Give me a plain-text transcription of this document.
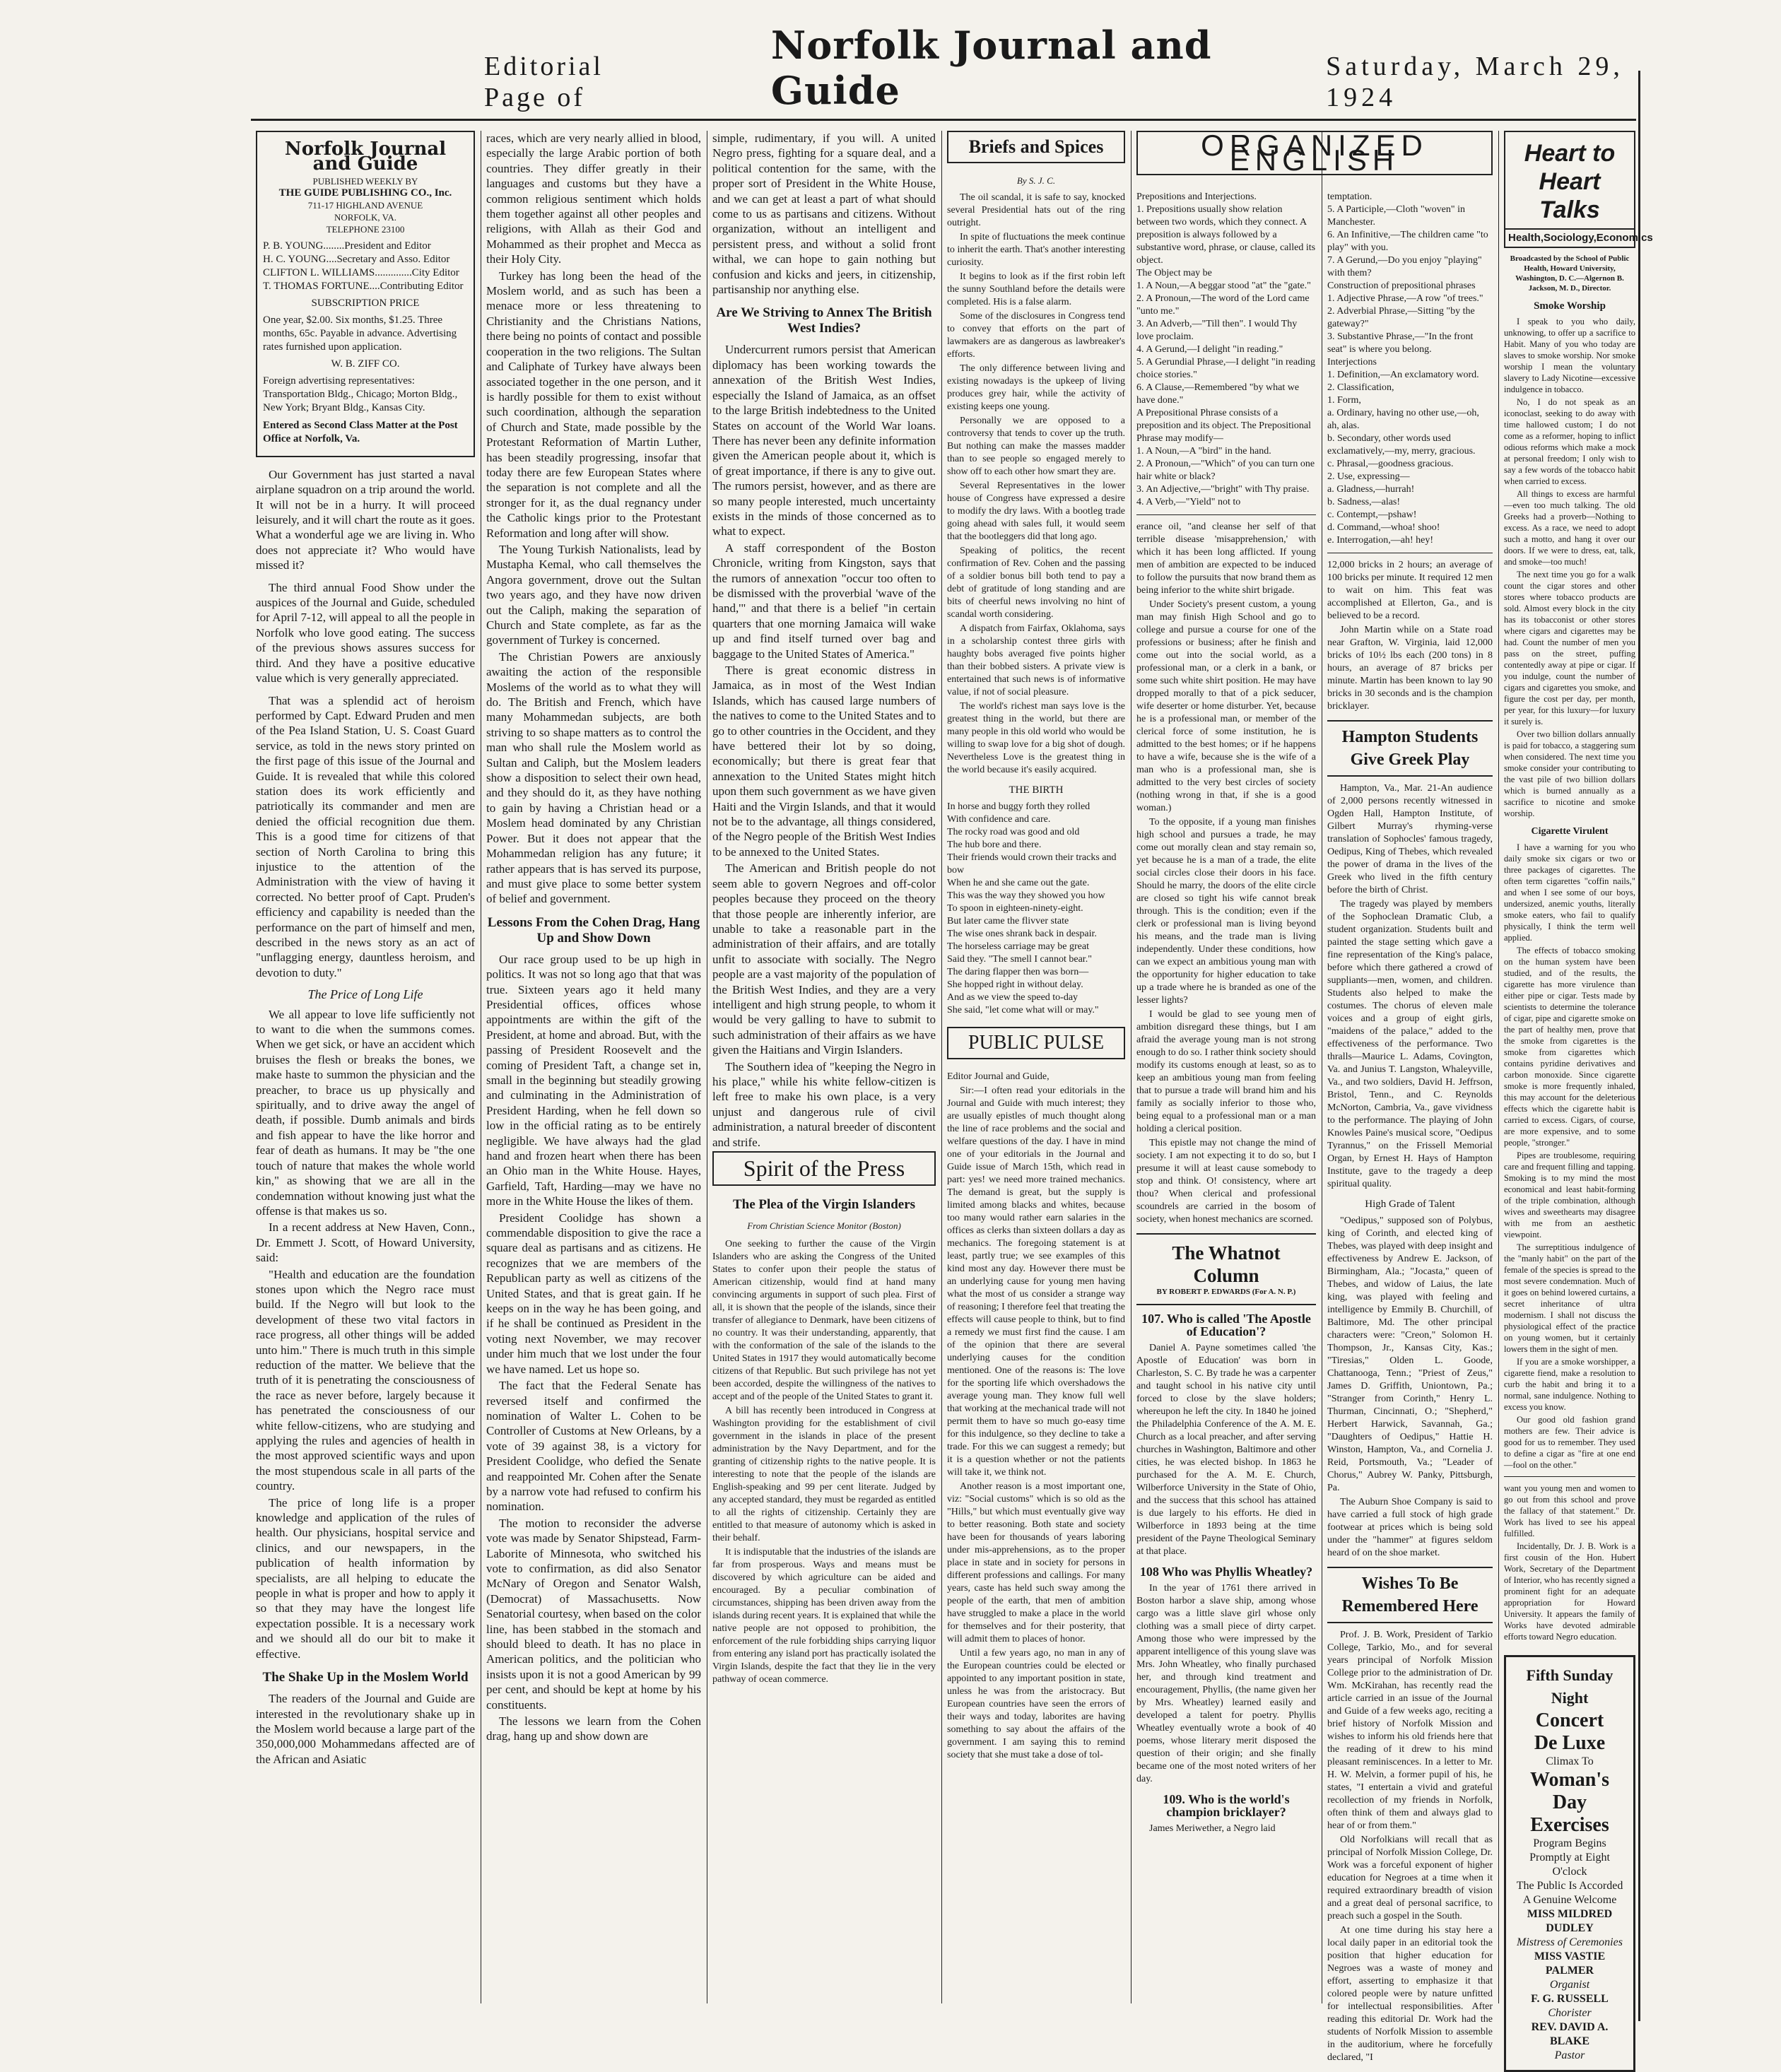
Editorial Page of
Norfolk Journal and Guide
Saturday, March 29, 1924
Norfolk Journal and Guide
PUBLISHED WEEKLY BY
THE GUIDE PUBLISHING CO., Inc.
711-17 HIGHLAND AVENUE
NORFOLK, VA.
TELEPHONE 23100
P. B. YOUNG........President and Editor
H. C. YOUNG....Secretary and Asso. Editor
CLIFTON L. WILLIAMS..............City Editor
T. THOMAS FORTUNE....Contributing Editor
SUBSCRIPTION PRICE
One year, $2.00. Six months, $1.25. Three months, 65c. Payable in advance. Advertising rates furnished upon application.
W. B. ZIFF CO.
Foreign advertising representatives: Transportation Bldg., Chicago; Morton Bldg., New York; Bryant Bldg., Kansas City.
Entered as Second Class Matter at the Post Office at Norfolk, Va.

Our Government has just started a naval airplane squadron on a trip around the world. It will not be in a hurry. It will proceed leisurely, and it will chart the route as it goes. What a wonderful age we are living in. Who does not appreciate it? Who would have missed it?

The third annual Food Show under the auspices of the Journal and Guide, scheduled for April 7-12, will appeal to all the people in Norfolk who love good eating. The success of the previous shows assures success for third. And they have a positive educative value which is very generally appreciated.

That was a splendid act of heroism performed by Capt. Edward Pruden and men of the Pea Island Station, U. S. Coast Guard service, as told in the news story printed on the first page of this issue of the Journal and Guide. It is revealed that while this colored station does its work efficiently and patriotically its commander and men are denied the official recognition due them. This is a good time for citizens of that section of North Carolina to bring this injustice to the attention of the Administration with the view of having it corrected. No better proof of Capt. Pruden's efficiency and capability is needed than the performance on the part of himself and men, described in the news story as an act of "unflagging energy, dauntless heroism, and devotion to duty."

The Price of Long Life

We all appear to love life sufficiently not to want to die when the summons comes. When we get sick, or have an accident which bruises the flesh or breaks the bones, we make haste to summon the physician and the preacher, to brace us up physically and spiritually, and to drive away the angel of death, if possible. Dumb animals and birds and fish appear to have the like horror and fear of death as humans. It may be "the one touch of nature that makes the whole world kin," as showing that we are all in the condemnation without knowing just what the offense is that makes us so.

In a recent address at New Haven, Conn., Dr. Emmett J. Scott, of Howard University, said:

"Health and education are the foundation stones upon which the Negro race must build. If the Negro will but look to the development of these two vital factors in race progress, all other things will be added unto him." There is much truth in this simple reduction of the matter. We believe that the truth of it is penetrating the consciousness of the race as never before, largely because it has penetrated the consciousness of our white fellow-citizens, who are studying and applying the rules and agencies of health in the most approved scientific ways and upon the most stupendous scale in all parts of the country.

The price of long life is a proper knowledge and application of the rules of health. Our physicians, hospital service and clinics, and our newspapers, in the publication of health information by specialists, are all helping to educate the people in what is proper and how to apply it so that they may have the longest life expectation possible. It is a necessary work and we should all do our bit to make it effective.

The Shake Up in the Moslem World

The readers of the Journal and Guide are interested in the revolutionary shake up in the Moslem world because a large part of the 350,000,000 Mohammedans affected are of the African and Asiatic

races, which are very nearly allied in blood, especially the large Arabic portion of both countries. They differ greatly in their languages and customs but they have a common religious sentiment which holds them together against all other peoples and religions, with Allah as their God and Mohammed as their prophet and Mecca as their Holy City.

Turkey has long been the head of the Moslem world, and as such has been a menace more or less threatening to Christianity and the Christians Nations, there being no points of contact and possible cooperation in the two religions. The Sultan and Caliphate of Turkey have always been associated together in the one person, and it is hardly possible for them to exist without such coordination, although the separation of Church and State, made possible by the Protestant Reformation of Martin Luther, has been steadily progressing, insofar that today there are few European States where the separation is not complete and all the stronger for it, as the dual regnancy under the Catholic kings prior to the Protestant Reformation and long after will show.

The Young Turkish Nationalists, lead by Mustapha Kemal, who call themselves the Angora government, drove out the Sultan two years ago, and they have now driven out the Caliph, making the separation of Church and State complete, as far as the government of Turkey is concerned.

The Christian Powers are anxiously awaiting the action of the responsible Moslems of the world as to what they will do. The British and French, which have many Mohammedan subjects, are both striving to so shape matters as to control the man who shall rule the Moslem world as Sultan and Caliph, but the Moslem leaders show a disposition to select their own head, and they should do it, as they have nothing to gain by having a Christian head or a Moslem head dominated by any Christian Power. But it does not appear that the Mohammedan religion has any future; it rather appears that is has served its purpose, and must give place to some better system of belief and government.

Lessons From the Cohen Drag, Hang Up and Show Down

Our race group used to be up high in politics. It was not so long ago that that was true. Sixteen years ago it held many Presidential offices, offices whose appointments are within the gift of the President, at home and abroad. But, with the passing of President Roosevelt and the coming of President Taft, a change set in, small in the beginning but steadily growing and culminating in the Administration of President Harding, when he fell down so low in the official rating as to be entirely negligible. We have always had the glad hand and frozen heart when there has been an Ohio man in the White House. Hayes, Garfield, Taft, Harding—may we have no more in the White House the likes of them.

President Coolidge has shown a commendable disposition to give the race a square deal as partisans and as citizens. He recognizes that we are members of the Republican party as well as citizens of the United States, and that is great gain. If he keeps on in the way he has been going, and if he shall be continued as President in the voting next November, we may recover under him much that we lost under the four we have named. Let us hope so.

The fact that the Federal Senate has reversed itself and confirmed the nomination of Walter L. Cohen to be Controller of Customs at New Orleans, by a vote of 39 against 38, is a victory for President Coolidge, who defied the Senate and reappointed Mr. Cohen after the Senate by a narrow vote had refused to confirm his nomination.

The motion to reconsider the adverse vote was made by Senator Shipstead, Farm-Laborite of Minnesota, who switched his vote to confirmation, as did also Senator McNary of Oregon and Senator Walsh, (Democrat) of Massachusetts. Now Senatorial courtesy, when based on the color line, has been stabbed in the stomach and should bleed to death. It has no place in American politics, and the politician who insists upon it is not a good American by 99 per cent, and should be kept at home by his constituents.

The lessons we learn from the Cohen drag, hang up and show down are

simple, rudimentary, if you will. A united Negro press, fighting for a square deal, and a political contention for the same, with the proper sort of President in the White House, and we can get at least a part of what should come to us as partisans and citizens. Without organization, without an intelligent and persistent press, and without a solid front withal, we can hope to gain nothing but confusion and kicks and jeers, in citizenship, partisanship nor anything else.

Are We Striving to Annex The British West Indies?

Undercurrent rumors persist that American diplomacy has been working towards the annexation of the British West Indies, especially the Island of Jamaica, as an offset to the large British indebtedness to the United States on account of the World War loans. There has never been any definite information given the American people about it, which is of great importance, if there is any to give out. The rumors persist, however, and as there are so many people interested, much uncertainty exists in the minds of those concerned as to what to expect.

A staff correspondent of the Boston Chronicle, writing from Kingston, says that the rumors of annexation "occur too often to be dismissed with the proverbial 'wave of the hand,'" and that there is a belief "in certain quarters that one morning Jamaica will wake up and find itself turned over bag and baggage to the United States of America."

There is great economic distress in Jamaica, as in most of the West Indian Islands, which has caused large numbers of the natives to come to the United States and to go to other countries in the Occident, and they have bettered their lot by so doing, economically; but there is great fear that annexation to the United States might hitch upon them such government as we have given Haiti and the Virgin Islands, and that it would not be to the advantage, all things considered, of the Negro people of the British West Indies to be annexed to the United States.

The American and British people do not seem able to govern Negroes and off-color peoples because they proceed on the theory that those people are inherently inferior, are unable to take a reasonable part in the administration of their affairs, and are totally unfit to associate with socially. The Negro people are a vast majority of the population of the British West Indies, and they are a very intelligent and high strung people, to whom it would be very galling to have to submit to such administration of their affairs as we have given the Haitians and Virgin Islanders.

The Southern idea of "keeping the Negro in his place," while his white fellow-citizen is left free to make his own place, is a very unjust and dangerous rule of civil administration, a natural breeder of discontent and strife.

Spirit of the Press
The Plea of the Virgin Islanders
From Christian Science Monitor (Boston)

One seeking to further the cause of the Virgin Islanders who are asking the Congress of the United States to confer upon their people the status of American citizenship, would find at hand many convincing arguments in support of such plea. First of all, it is shown that the people of the islands, since their transfer of allegiance to Denmark, have been citizens of no country. It was their understanding, apparently, that with the conformation of the sale of the islands to the United States in 1917 they would automatically become citizens of that Republic. But such privilege has not yet been accorded, despite the willingness of the natives to accept and of the people of the United States to grant it.

A bill has recently been introduced in Congress at Washington providing for the establishment of civil government in the islands in place of the present administration by the Navy Department, and for the granting of citizenship rights to the native people. It is interesting to note that the people of the islands are English-speaking and 99 per cent literate. Judged by any accepted standard, they must be regarded as entitled to all the rights of citizenship. Certainly they are entitled to that measure of autonomy which is asked in their behalf.

It is indisputable that the industries of the islands are far from prosperous. Ways and means must be discovered by which agriculture can be aided and encouraged. By a peculiar combination of circumstances, shipping has been driven away from the islands during recent years. It is explained that while the native people are not opposed to prohibition, the enforcement of the rule forbidding ships carrying liquor from entering any island port has practically isolated the Virgin Islands, despite the fact that they lie in the very pathway of ocean commerce.

Briefs and Spices
By S. J. C.

The oil scandal, it is safe to say, knocked several Presidential hats out of the ring outright.

In spite of fluctuations the meek continue to inherit the earth. That's another interesting curiosity.

It begins to look as if the first robin left the sunny Southland before the details were completed. His is a false alarm.

Some of the disclosures in Congress tend to convey that efforts on the part of lawmakers are as dangerous as lawbreaker's efforts.

The only difference between living and existing nowadays is the upkeep of living produces grey hair, while the activity of existing keeps one young.

Personally we are opposed to a controversy that tends to cover up the truth. But nothing can make the masses madder than to see people so engaged merely to show off to each other how smart they are.

Several Representatives in the lower house of Congress have expressed a desire to modify the dry laws. With a bootleg trade going ahead with sales full, it would seem that the bootleggers did that long ago.

Speaking of politics, the recent confirmation of Rev. Cohen and the passing of a soldier bonus bill both tend to pay a debt of gratitude of long standing and are bits of cheerful news involving no hint of scandal worth considering.

A dispatch from Fairfax, Oklahoma, says in a scholarship contest three girls with haughty bobs averaged five points higher than their bobbed sisters. A private view is entertained that such news is of informative value, if not of social pleasure.

The world's richest man says love is the greatest thing in the world, but there are many people in this old world who would be willing to swap love for a big shot of dough. Nevertheless Love is the greatest thing in the world because it's easily acquired.

THE BIRTH

In horse and buggy forth they rolled
With confidence and care.
The rocky road was good and old
The hub bore and there.
Their friends would crown their tracks and bow
When he and she came out the gate.
This was the way they showed you how
To spoon in eighteen-ninety-eight.
But later came the flivver state
The wise ones shrank back in despair.
The horseless carriage may be great
Said they. "The smell I cannot bear."
The daring flapper then was born—
She hopped right in without delay.
And as we view the speed to-day
She said, "let come what will or may."

PUBLIC PULSE

Editor Journal and Guide,

Sir:—I often read your editorials in the Journal and Guide with much interest; they are usually epistles of much thought along the line of race problems and the social and welfare questions of the day. I have in mind one of your editorials in the Journal and Guide issue of March 15th, which read in part: yes! we need more trained mechanics. The demand is great, but the supply is limited among blacks and whites, because too many would rather earn salaries in the offices as clerks than sixteen dollars a day as mechanics. The foregoing statement is at least, partly true; we see examples of this kind most any day. However there must be an underlying cause for young men having what the most of us consider a strange way of reasoning; I therefore feel that treating the effects will cause people to think, but to find a remedy we must first find the cause. I am of the opinion that there are several underlying causes for the condition mentioned. One of the reasons is: The love for the sporting life which overshadows the average young man. They know full well that working at the mechanical trade will not permit them to have so much go-easy time for this indulgence, so they decline to take a trade. For this we can suggest a remedy; but it is a question whether or not the patients will take it, we think not.

Another reason is a most important one, viz: "Social customs" which is so old as the "Hills," but which must eventually give way to better reasoning. Both state and society have been for thousands of years laboring under mis-apprehensions, as to the proper place in state and in society for persons in different professions and callings. For many years, caste has held such sway among the people of the earth, that men of ambition have struggled to make a place in the world for themselves and for their posterity, that will admit them to places of honor.

Until a few years ago, no man in any of the European countries could be elected or appointed to any important position in state, unless he was from the aristocracy. But European countries have seen the errors of their ways and today, laborites are having something to say about the affairs of the government. I am saying this to remind society that she must take a dose of tol-

ORGANIZED ENGLISH

Prepositions and Interjections.
1. Prepositions usually show relation between two words, which they connect. A preposition is always followed by a substantive word, phrase, or clause, called its object.
The Object may be
1. A Noun,—A beggar stood "at" the "gate."
2. A Pronoun,—The word of the Lord came "unto me."
3. An Adverb,—"Till then". I would Thy love proclaim.
4. A Gerund,—I delight "in reading."
5. A Gerundial Phrase,—I delight "in reading choice stories."
6. A Clause,—Remembered "by what we have done."
A Prepositional Phrase consists of a preposition and its object. The Prepositional Phrase may modify—
1. A Noun,—A "bird" in the hand.
2. A Pronoun,—"Which" of you can turn one hair white or black?
3. An Adjective,—"bright" with Thy praise.
4. A Verb,—"Yield" not to

erance oil, "and cleanse her self of that terrible disease 'misapprehension,' with which it has been long afflicted. If young men of ambition are expected to be induced to follow the pursuits that now brand them as being inferior to the white shirt brigade.

Under Society's present custom, a young man may finish High School and go to college and pursue a course for one of the professions or business; after he finish and come out into the social world, as a professional man, or a clerk in a bank, or some such white shirt position. He may have dropped morally to that of a pick seducer, wife deserter or home disturber. Yet, because he is a professional man, or member of the clerical force of some institution, he is admitted to the best homes; or if he happens to have a wife, because she is the wife of a man who is a professional man, she is admitted to the very best circles of society (nothing wrong in that, if she is a good woman.)

To the opposite, if a young man finishes high school and pursues a trade, he may come out morally clean and stay remain so, yet because he is a man of a trade, the elite social circles close their doors in his face. Should he marry, the doors of the elite circle are closed so tight his wife cannot break through. This is the condition; even if the clerk or professional man is living beyond his means, and the trade man is living independently. Under these conditions, how can we expect an ambitious young man with the opportunity for higher education to take up a trade where he is branded as one of the lesser lights?

I would be glad to see young men of ambition disregard these things, but I am afraid the average young man is not strong enough to do so. I rather think society should modify its customs enough at least, so as to keep an ambitious young man from feeling that to pursue a trade will brand him and his family as socially inferior to those who, being equal to a professional man or a man holding a clerical position.

This epistle may not change the mind of society. I am not expecting it to do so, but I presume it will at least cause somebody to stop and think. O! consistency, where art thou? When clerical and professional scoundrels are carried in the bosom of society, when honest mechanics are scorned.

The Whatnot
Column
BY ROBERT P. EDWARDS (For A. N. P.)
107. Who is called 'The Apostle of Education'?

Daniel A. Payne sometimes called 'the Apostle of Education' was born in Charleston, S. C. By trade he was a carpenter and taught school in his native city until forced to close by the slave holders; whereupon he left the city. In 1840 he joined the Philadelphia Conference of the A. M. E. Church as a local preacher, and after serving churches in Washington, Baltimore and other cities, he was elected bishop. In 1863 he purchased for the A. M. E. Church, Wilberforce University in the State of Ohio, and the success that this school has attained is due largely to his efforts. He died in Wilberforce in 1893 being at the time president of the Payne Theological Seminary at that place.

108 Who was Phyllis Wheatley?

In the year of 1761 there arrived in Boston harbor a slave ship, among whose cargo was a little slave girl whose only clothing was a small piece of dirty carpet. Among those who were impressed by the apparent intelligence of this young slave was Mrs. John Wheatley, who finally purchased her, and through kind treatment and encouragement, Phyllis, (the name given her by Mrs. Wheatley) learned easily and developed a talent for poetry. Phyllis Wheatley eventually wrote a book of 40 poems, whose literary merit disposed the question of their origin; and she finally became one of the most noted writers of her day.

109. Who is the world's champion bricklayer?

James Meriwether, a Negro laid

temptation.
5. A Participle,—Cloth "woven" in Manchester.
6. An Infinitive,—The children came "to play" with you.
7. A Gerund,—Do you enjoy "playing" with them?
Construction of prepositional phrases
1. Adjective Phrase,—A row "of trees."
2. Adverbial Phrase,—Sitting "by the gateway?"
3. Substantive Phrase,—"In the front seat" is where you belong.
Interjections
1. Definition,—An exclamatory word.
2. Classification,
1. Form,
a. Ordinary, having no other use,—oh, ah, alas.
b. Secondary, other words used exclamatively,—my, merry, gracious.
c. Phrasal,—goodness gracious.
2. Use, expressing—
a. Gladness,—hurrah!
b. Sadness,—alas!
c. Contempt,—pshaw!
d. Command,—whoa! shoo!
e. Interrogation,—ah! hey!

12,000 bricks in 2 hours; an average of 100 bricks per minute. It required 12 men to wait on him. This feat was accomplished at Ellerton, Ga., and is believed to be a record.

John Martin while on a State road near Grafton, W. Virginia, laid 12,000 bricks of 10½ lbs each (200 tons) in 8 hours, an average of 87 bricks per minute. Martin has been known to lay 90 bricks in 30 seconds and is the champion bricklayer.

Hampton Students Give Greek Play

Hampton, Va., Mar. 21-An audience of 2,000 persons recently witnessed in Ogden Hall, Hampton Institute, of Gilbert Murray's rhyming-verse translation of Sophocles' famous tragedy, Oedipus, King of Thebes, which revealed the power of drama in the lives of the Greek who lived in the fifth century before the birth of Christ.

The tragedy was played by members of the Sophoclean Dramatic Club, a student organization. Students built and painted the stage setting which gave a fine representation of the King's palace, before which there gathered a crowd of suppliants—men, women, and children. Students also helped to make the costumes. The chorus of eleven male voices and a group of eight girls, "maidens of the palace," added to the effectiveness of the performance. Two thralls—Maurice L. Adams, Covington, Va. and Junius T. Langston, Whaleyville, Va., and two soldiers, David H. Jeffrson, Bristol, Tenn., and C. Reynolds McNorton, Cambria, Va., gave vividness to the performance. The playing of John Knowles Paine's musical score, "Oedipus Tyrannus," on the Frissell Memorial Organ, by Ernest H. Hays of Hampton Institute, gave to the tragedy a deep spiritual quality.

High Grade of Talent

"Oedipus," supposed son of Polybus, king of Corinth, and elected king of Thebes, was played with deep insight and effectiveness by Andrew E. Jackson, of Birmingham, Ala.; "Jocasta," queen of Thebes, and widow of Laius, the late king, was played with feeling and intelligence by Emmily B. Churchill, of Baltimore, Md. The other principal characters were: "Creon," Solomon H. Thompson, Jr., Kansas City, Kas.; "Tiresias," Olden L. Goode, Chattanooga, Tenn.; "Priest of Zeus," James D. Griffith, Uniontown, Pa.; "Stranger from Corinth," Henry L. Thurman, Cincinnati, O.; "Shepherd," Herbert Harwick, Savannah, Ga.; "Daughters of Oedipus," Hattie H. Winston, Hampton, Va., and Cornelia J. Reid, Portsmouth, Va.; "Leader of Chorus," Aubrey W. Panky, Pittsburgh, Pa.

The Auburn Shoe Company is said to have carried a full stock of high grade footwear at prices which is being sold under the "hammer" at figures seldom heard of on the shoe market.

Wishes To Be Remembered Here

Prof. J. B. Work, President of Tarkio College, Tarkio, Mo., and for several years principal of Norfolk Mission College prior to the administration of Dr. Wm. McKirahan, has recently read the article carried in an issue of the Journal and Guide of a few weeks ago, reciting a brief history of Norfolk Mission and wishes to inform his old friends here that the reading of it drew to his mind pleasant reminiscences. In a letter to Mr. H. W. Melvin, a former pupil of his, he states, "I entertain a vivid and grateful recollection of my friends in Norfolk, often think of them and always glad to hear of or from them."

Old Norfolkians will recall that as principal of Norfolk Mission College, Dr. Work was a forceful exponent of higher education for Negroes at a time when it required extraordinary breadth of vision and a great deal of personal sacrifice, to preach such a gospel in the South.

At one time during his stay here a local daily paper in an editorial took the position that higher education for Negroes was a waste of money and effort, asserting to emphasize it that colored people were by nature unfitted for intellectual responsibilities. After reading this editorial Dr. Work had the students of Norfolk Mission to assemble in the auditorium, where he forcefully declared, "I

Heart to Heart Talks
Health,Sociology,Economics
Broadcasted by the School of Public Health, Howard University, Washington, D. C.—Algernon B. Jackson, M. D., Director.
Smoke Worship

I speak to you who daily, unknowing, to offer up a sacrifice to Habit. Many of you who today are slaves to smoke worship. Nor smoke worship I mean the voluntary slavery to Lady Nicotine—excessive indulgence in tobacco.

No, I do not speak as an iconoclast, seeking to do away with time hallowed custom; I do not come as a reformer, hoping to inflict odious reforms which make a mock at personal freedom; I only wish to say a few words of the tobacco habit when carried to excess.

All things to excess are harmful—even too much talking. The old Greeks had a proverb—Nothing to excess. As a race, we need to adopt such a motto, and hang it over our doors. If we were to dress, eat, talk, and smoke—too much!

The next time you go for a walk count the cigar stores and other stores where tobacco products are sold. Almost every block in the city has its tobacconist or other stores where cigars and cigarettes may be had. Count the number of men you pass on the street, puffing contentedly away at pipe or cigar. If you indulge, count the number of cigars and cigarettes you smoke, and figure the cost per day, per month, per year, for this luxury—for luxury it surely is.

Over two billion dollars annually is paid for tobacco, a staggering sum when considered. The next time you smoke consider your contributing to the vast pile of two billion dollars which is burned annually as a sacrifice to nicotine and smoke worship.

Cigarette Virulent

I have a warning for you who daily smoke six cigars or two or three packages of cigarettes. The often term cigarettes "coffin nails," and when I see some of our boys, undersized, anemic youths, literally smoke eaters, who fail to qualify physically, I think the term well applied.

The effects of tobacco smoking on the human system have been studied, and of the results, the cigarette has more virulence than either pipe or cigar. Tests made by scientists to determine the tolerance of cigar, pipe and cigarette smoke on the part of healthy men, prove that the smoke from cigarettes is the smoke from cigarettes which contains pyridine derivatives and carbon monoxide. Since cigarette smoke is more frequently inhaled, this may account for the deleterious effects which the cigarette habit is carried to excess. Cigars, of course, are more expensive, and to some people, "stronger."

Pipes are troublesome, requiring care and frequent filling and tapping. Smoking is to my mind the most economical and least habit-forming of the triple combination, although wives and sweethearts may disagree with me from an aesthetic viewpoint.

The surreptitious indulgence of the "manly habit" on the part of the female of the species is spread to the most severe condemnation. Much of it goes on behind lowered curtains, a secret inheritance of ultra modernism. I shall not discuss the physiological effect of the practice on young women, but it certainly lowers them in the sight of men.

If you are a smoke worshipper, a cigarette fiend, make a resolution to curb the habit and bring it to a normal, sane indulgence. Nothing to excess you know.

Our good old fashion grand mothers are few. Their advice is good for us to remember. They used to define a cigar as "fire at one end—fool on the other."

want you young men and women to go out from this school and prove the fallacy of that statement." Dr. Work has lived to see his appeal fulfilled.

Incidentally, Dr. J. B. Work is a first cousin of the Hon. Hubert Work, Secretary of the Department of Interior, who has recently signed a prominent fight for an adequate appropriation for Howard University. It appears the family of Works have devoted admirable efforts toward Negro education.

Fifth Sunday Night
Concert
De Luxe
Climax To
Woman's Day
Exercises
Program Begins Promptly at Eight O'clock
The Public Is Accorded A Genuine Welcome
MISS MILDRED DUDLEY
Mistress of Ceremonies
MISS VASTIE PALMER
Organist
F. G. RUSSELL
Chorister
REV. DAVID A. BLAKE
Pastor
